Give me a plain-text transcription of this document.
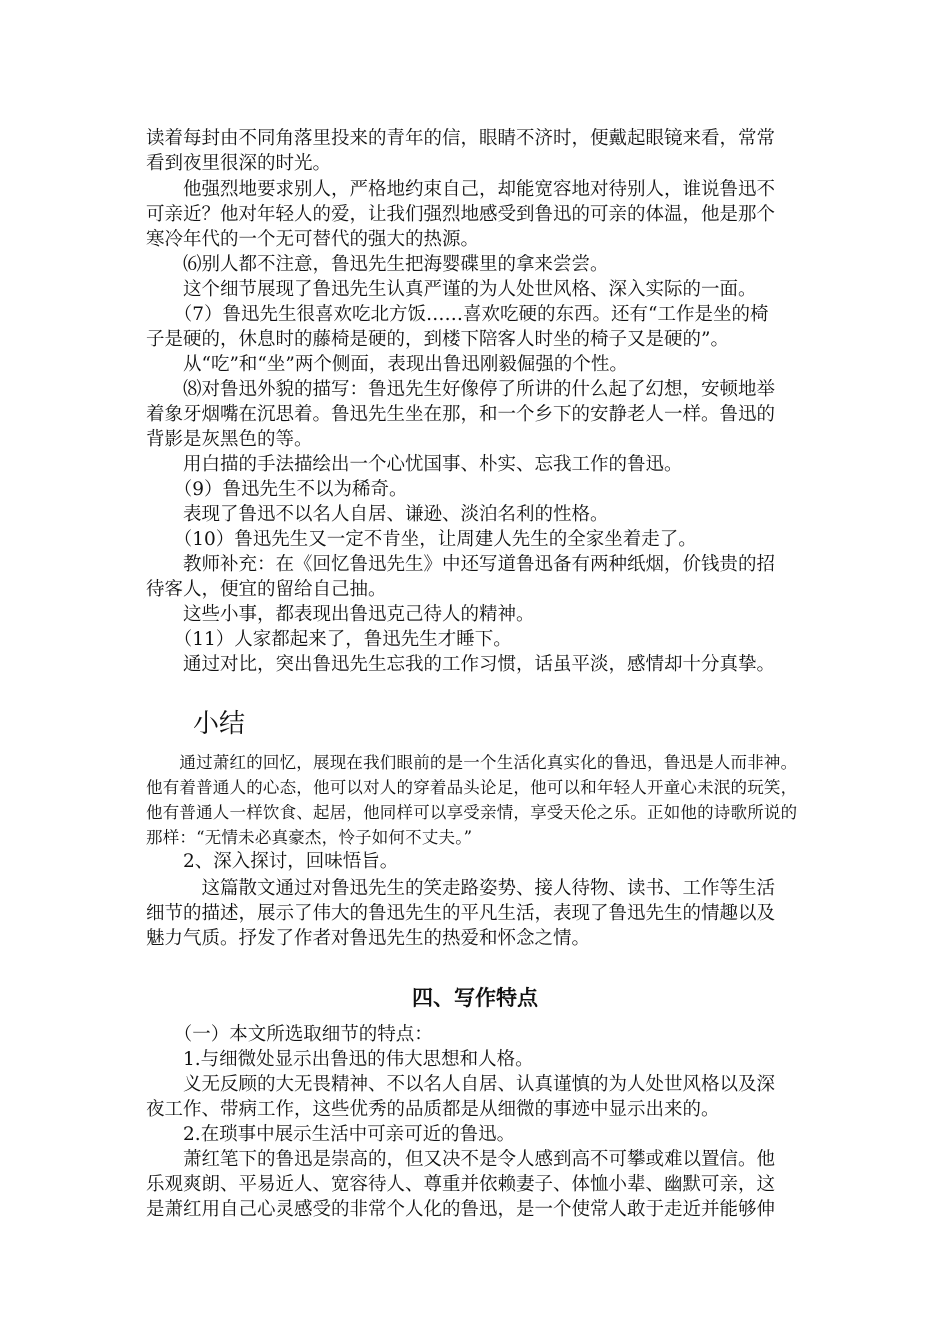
读着每封由不同角落里投来的青年的信，眼睛不济时，便戴起眼镜来看，常常
看到夜里很深的时光。
　　他强烈地要求别人，严格地约束自己，却能宽容地对待别人，谁说鲁迅不
可亲近？他对年轻人的爱，让我们强烈地感受到鲁迅的可亲的体温，他是那个
寒冷年代的一个无可替代的强大的热源。
　　⑹别人都不注意，鲁迅先生把海婴碟里的拿来尝尝。
　　这个细节展现了鲁迅先生认真严谨的为人处世风格、深入实际的一面。
　　（7）鲁迅先生很喜欢吃北方饭……喜欢吃硬的东西。还有“工作是坐的椅
子是硬的，休息时的藤椅是硬的，到楼下陪客人时坐的椅子又是硬的”。
　　从“吃”和“坐”两个侧面，表现出鲁迅刚毅倔强的个性。
　　⑻对鲁迅外貌的描写：鲁迅先生好像停了所讲的什么起了幻想，安顿地举
着象牙烟嘴在沉思着。鲁迅先生坐在那，和一个乡下的安静老人一样。鲁迅的
背影是灰黑色的等。
　　用白描的手法描绘出一个心忧国事、朴实、忘我工作的鲁迅。
　　（9）鲁迅先生不以为稀奇。
　　表现了鲁迅不以名人自居、谦逊、淡泊名利的性格。
　　（10）鲁迅先生又一定不肯坐，让周建人先生的全家坐着走了。
　　教师补充：在《回忆鲁迅先生》中还写道鲁迅备有两种纸烟，价钱贵的招
待客人，便宜的留给自己抽。
　　这些小事，都表现出鲁迅克己待人的精神。
　　（11）人家都起来了，鲁迅先生才睡下。
　　通过对比，突出鲁迅先生忘我的工作习惯，话虽平淡，感情却十分真挚。
小结
　　通过萧红的回忆，展现在我们眼前的是一个生活化真实化的鲁迅，鲁迅是人而非神。
他有着普通人的心态，他可以对人的穿着品头论足，他可以和年轻人开童心未泯的玩笑，
他有普通人一样饮食、起居，他同样可以享受亲情，享受天伦之乐。正如他的诗歌所说的
那样：“无情未必真豪杰，怜子如何不丈夫。”
　　2、深入探讨，回味悟旨。
　　　这篇散文通过对鲁迅先生的笑走路姿势、接人待物、读书、工作等生活
细节的描述，展示了伟大的鲁迅先生的平凡生活，表现了鲁迅先生的情趣以及
魅力气质。抒发了作者对鲁迅先生的热爱和怀念之情。
四、写作特点
　　（一）本文所选取细节的特点：
　　1.与细微处显示出鲁迅的伟大思想和人格。
　　义无反顾的大无畏精神、不以名人自居、认真谨慎的为人处世风格以及深
夜工作、带病工作，这些优秀的品质都是从细微的事迹中显示出来的。
　　2.在琐事中展示生活中可亲可近的鲁迅。
　　萧红笔下的鲁迅是崇高的，但又决不是令人感到高不可攀或难以置信。他
乐观爽朗、平易近人、宽容待人、尊重并依赖妻子、体恤小辈、幽默可亲，这
是萧红用自己心灵感受的非常个人化的鲁迅，是一个使常人敢于走近并能够伸
